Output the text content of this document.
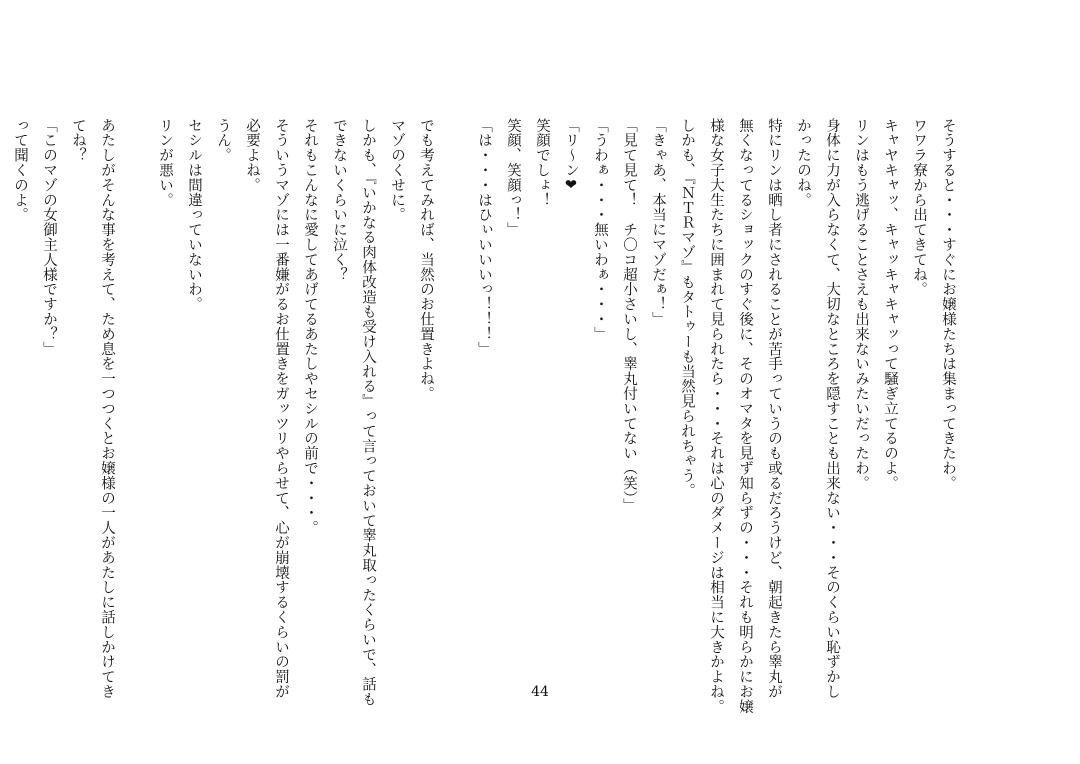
そうすると・・・すぐにお嬢様たちは集まってきたわ。
ワワラ寮から出てきてね。
キャヤキャッ、キャッキャキャッって騒ぎ立てるのよ。
リンはもう逃げることさえも出来ないみたいだったわ。
身体に力が入らなくて、大切なところを隠すことも出来ない・・・そのくらい恥ずかし
かったのね。
特にリンは晒し者にされることが苦手っていうのも或るだろうけど、朝起きたら睾丸が
無くなってるショックのすぐ後に、そのオマタを見ず知らずの・・・それも明らかにお嬢
様な女子大生たちに囲まれて見られたら・・・それは心のダメージは相当に大きかよね。
しかも、『ＮＴＲマゾ』もタトゥーも当然見られちゃう。
「きゃあ、本当にマゾだぁ！」
「見て見て！　チ〇コ超小さいし、睾丸付いてない（笑）」
「うわぁ・・・無いわぁ・・・」
「リ～ン❤
笑顔でしょ！
笑顔、笑顔っ！」
「は・・・はひぃいいいっ！！！」
でも考えてみれば、当然のお仕置きよね。
マゾのくせに。
しかも、『いかなる肉体改造も受け入れる』って言っておいて睾丸取ったくらいで、話も
できないくらいに泣く？
それもこんなに愛してあげてるあたしやセシルの前で・・・。
そういうマゾには一番嫌がるお仕置きをガッツリやらせて、心が崩壊するくらいの罰が
必要よね。
うん。
セシルは間違っていないわ。
リンが悪い。
あたしがそんな事を考えて、ため息を一つつくとお嬢様の一人があたしに話しかけてき
てね？
「このマゾの女御主人様ですか？」
って聞くのよ。
44
